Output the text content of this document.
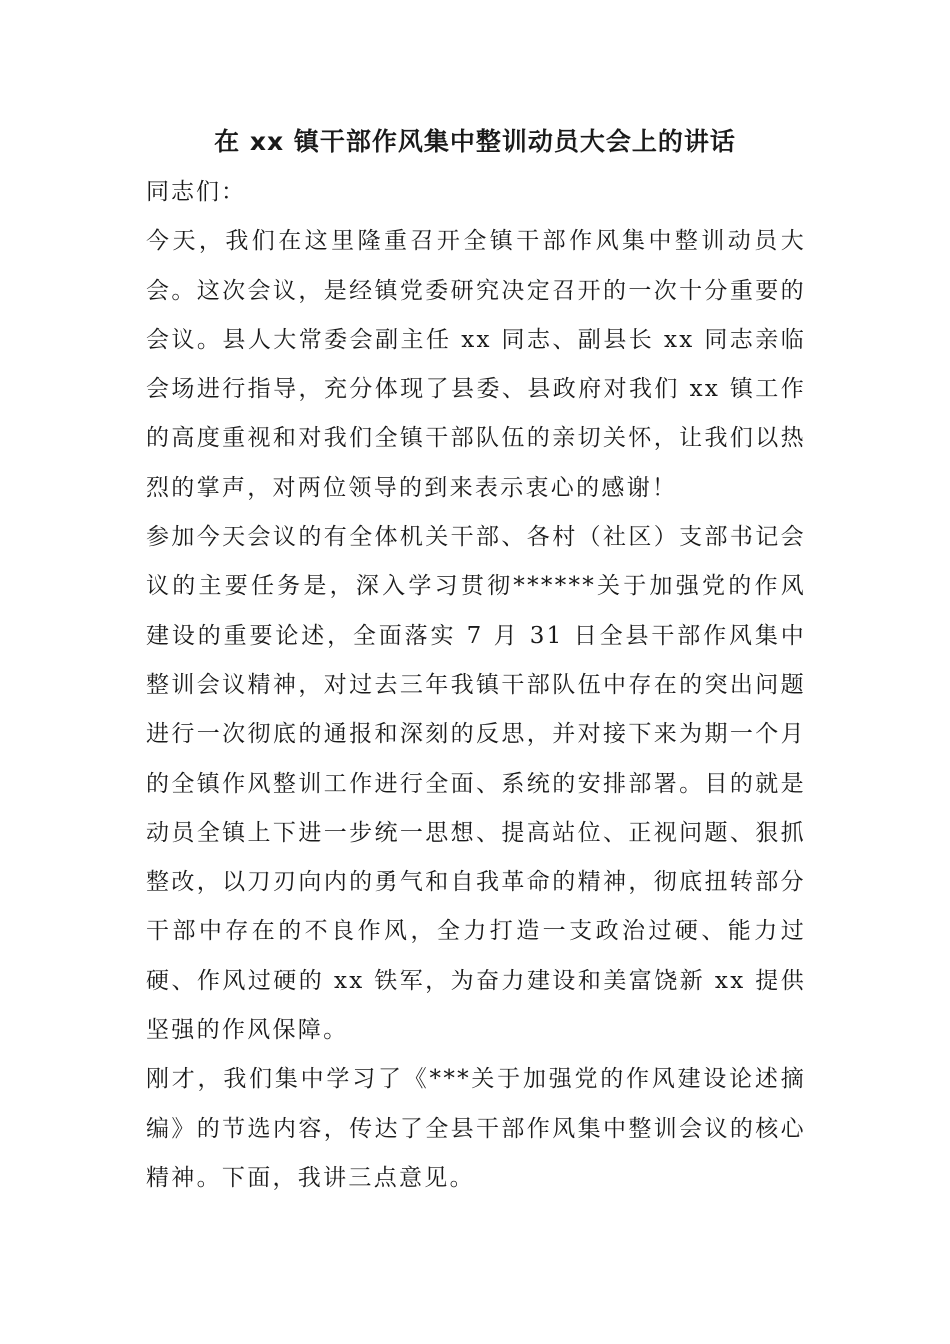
在 xx 镇干部作风集中整训动员大会上的讲话

同志们：

今天，我们在这里隆重召开全镇干部作风集中整训动员大会。这次会议，是经镇党委研究决定召开的一次十分重要的会议。县人大常委会副主任 xx 同志、副县长 xx 同志亲临会场进行指导，充分体现了县委、县政府对我们 xx 镇工作的高度重视和对我们全镇干部队伍的亲切关怀，让我们以热烈的掌声，对两位领导的到来表示衷心的感谢！

参加今天会议的有全体机关干部、各村（社区）支部书记会议的主要任务是，深入学习贯彻******关于加强党的作风建设的重要论述，全面落实 7 月 31 日全县干部作风集中整训会议精神，对过去三年我镇干部队伍中存在的突出问题进行一次彻底的通报和深刻的反思，并对接下来为期一个月的全镇作风整训工作进行全面、系统的安排部署。目的就是动员全镇上下进一步统一思想、提高站位、正视问题、狠抓整改，以刀刃向内的勇气和自我革命的精神，彻底扭转部分干部中存在的不良作风，全力打造一支政治过硬、能力过硬、作风过硬的 xx 铁军，为奋力建设和美富饶新 xx 提供坚强的作风保障。

刚才，我们集中学习了《***关于加强党的作风建设论述摘编》的节选内容，传达了全县干部作风集中整训会议的核心精神。下面，我讲三点意见。
